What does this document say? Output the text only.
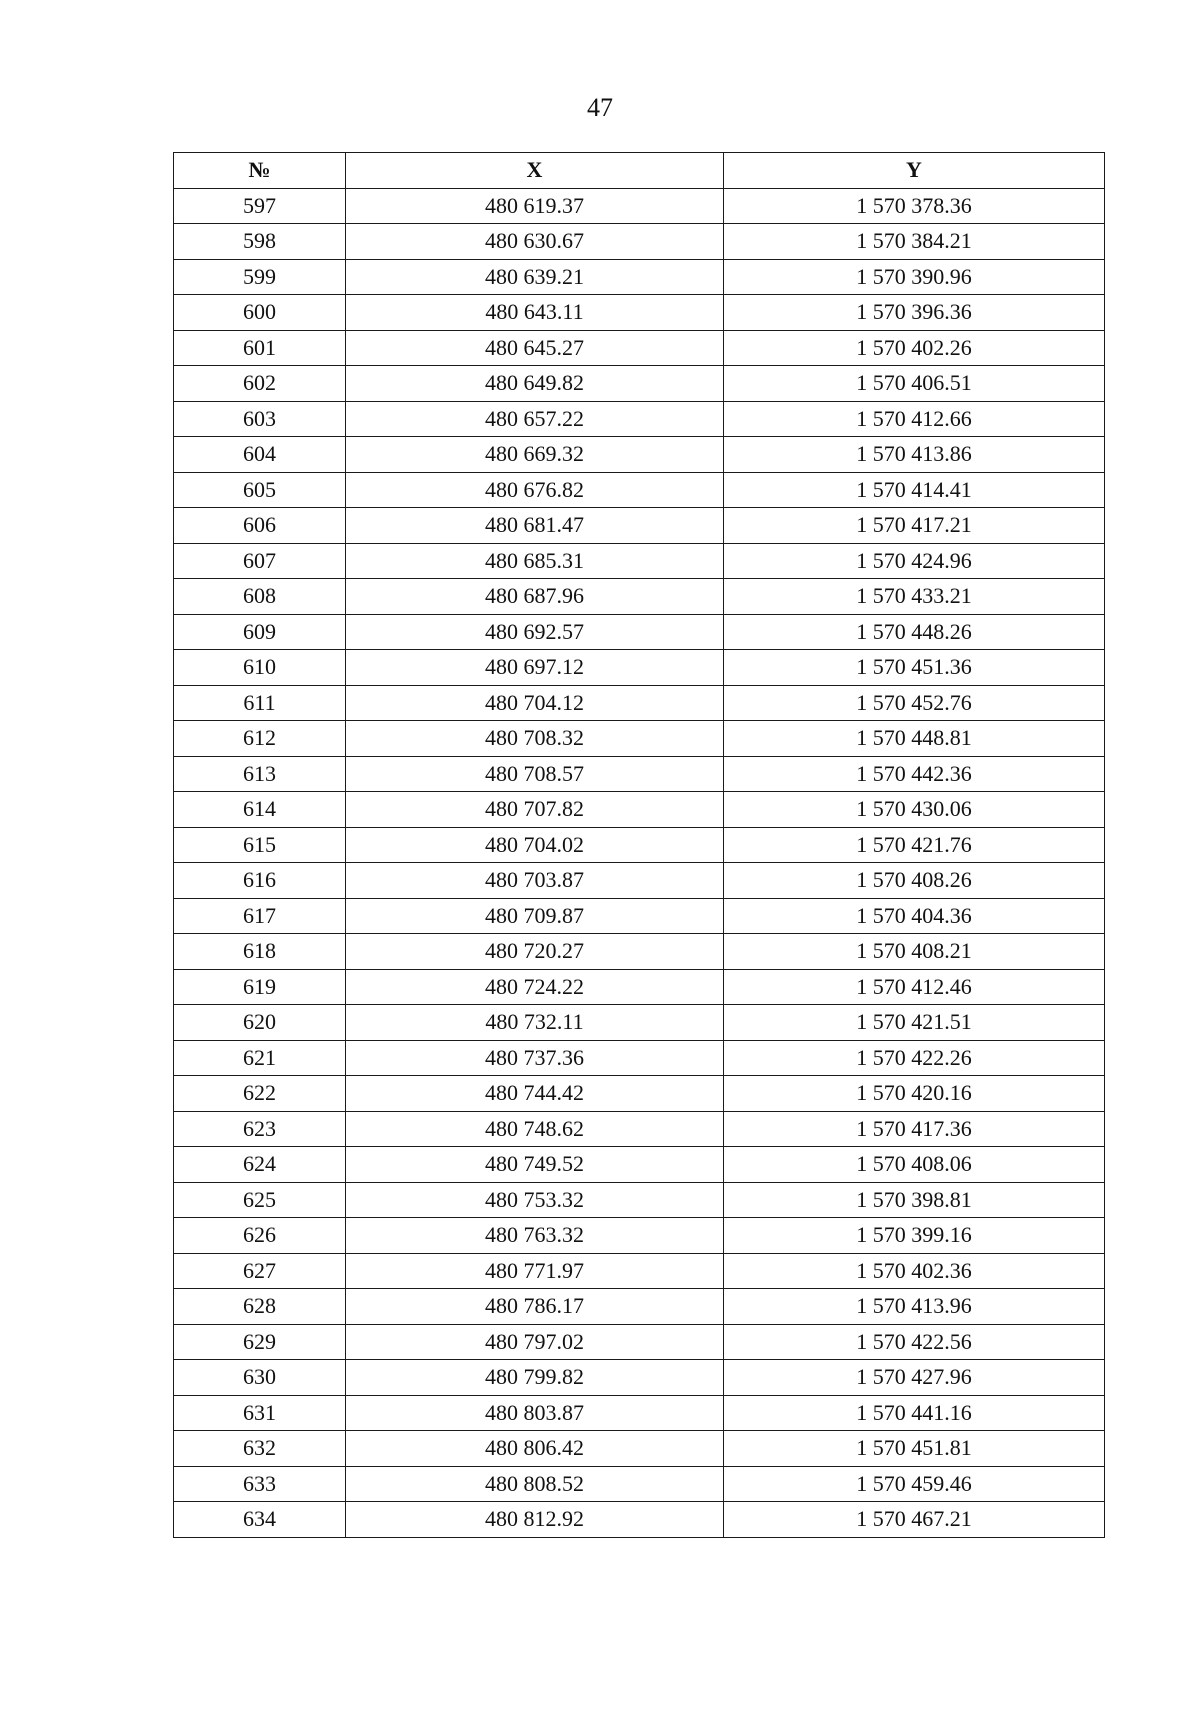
47
№	X	Y
597	480 619.37	1 570 378.36
598	480 630.67	1 570 384.21
599	480 639.21	1 570 390.96
600	480 643.11	1 570 396.36
601	480 645.27	1 570 402.26
602	480 649.82	1 570 406.51
603	480 657.22	1 570 412.66
604	480 669.32	1 570 413.86
605	480 676.82	1 570 414.41
606	480 681.47	1 570 417.21
607	480 685.31	1 570 424.96
608	480 687.96	1 570 433.21
609	480 692.57	1 570 448.26
610	480 697.12	1 570 451.36
611	480 704.12	1 570 452.76
612	480 708.32	1 570 448.81
613	480 708.57	1 570 442.36
614	480 707.82	1 570 430.06
615	480 704.02	1 570 421.76
616	480 703.87	1 570 408.26
617	480 709.87	1 570 404.36
618	480 720.27	1 570 408.21
619	480 724.22	1 570 412.46
620	480 732.11	1 570 421.51
621	480 737.36	1 570 422.26
622	480 744.42	1 570 420.16
623	480 748.62	1 570 417.36
624	480 749.52	1 570 408.06
625	480 753.32	1 570 398.81
626	480 763.32	1 570 399.16
627	480 771.97	1 570 402.36
628	480 786.17	1 570 413.96
629	480 797.02	1 570 422.56
630	480 799.82	1 570 427.96
631	480 803.87	1 570 441.16
632	480 806.42	1 570 451.81
633	480 808.52	1 570 459.46
634	480 812.92	1 570 467.21
